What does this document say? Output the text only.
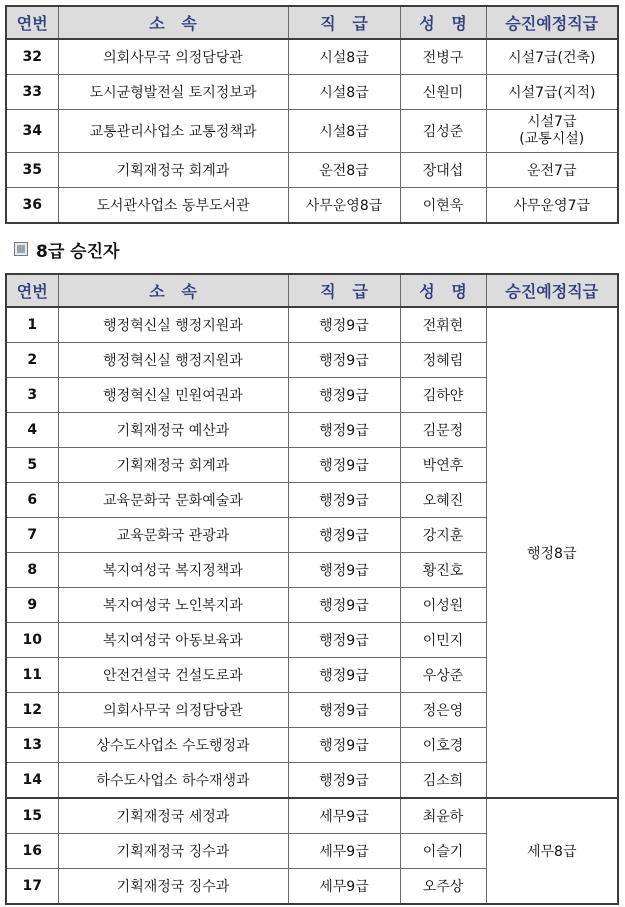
연번	소   속	직   급	성   명	승진예정직급
32	의회사무국 의정담당관	시설8급	전병구	시설7급(건축)
33	도시균형발전실 토지정보과	시설8급	신원미	시설7급(지적)
34	교통관리사업소 교통정책과	시설8급	김성준	시설7급
(교통시설)

35	기획재정국 회계과	운전8급	장대섭	운전7급
36	도서관사업소 동부도서관	사무운영8급	이현욱	사무운영7급
8급 승진자
연번	소   속	직   급	성   명	승진예정직급
1	행정혁신실 행정지원과	행정9급	전휘현	행정8급
2	행정혁신실 행정지원과	행정9급	정혜림	
3	행정혁신실 민원여권과	행정9급	김하얀	
4	기획재정국 예산과	행정9급	김문정	
5	기획재정국 회계과	행정9급	박연후	
6	교육문화국 문화예술과	행정9급	오혜진	
7	교육문화국 관광과	행정9급	강지훈	
8	복지여성국 복지정책과	행정9급	황진호	
9	복지여성국 노인복지과	행정9급	이성원	
10	복지여성국 아동보육과	행정9급	이민지	
11	안전건설국 건설도로과	행정9급	우상준	
12	의회사무국 의정담당관	행정9급	정은영	
13	상수도사업소 수도행정과	행정9급	이호경	
14	하수도사업소 하수재생과	행정9급	김소희	
15	기획재정국 세정과	세무9급	최윤하	세무8급
16	기획재정국 징수과	세무9급	이슬기	
17	기획재정국 징수과	세무9급	오주상	
